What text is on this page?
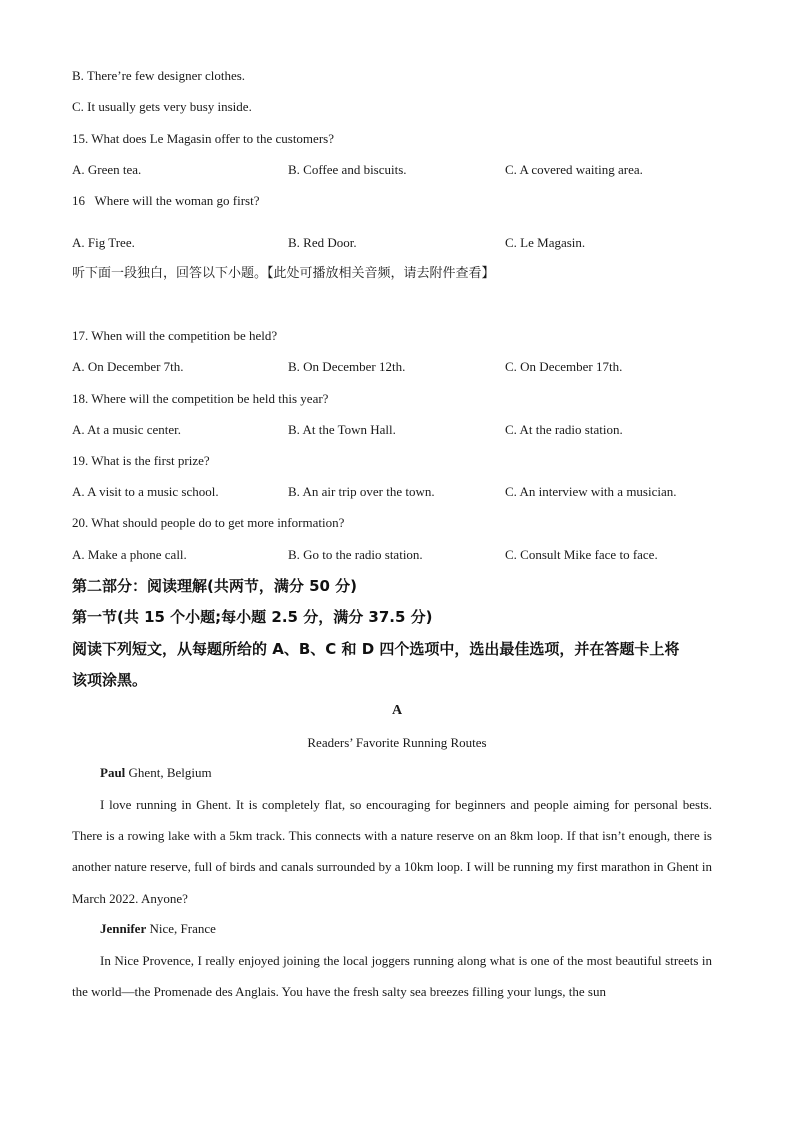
B. There’re few designer clothes.
C. It usually gets very busy inside.
15. What does Le Magasin offer to the customers?
A. Green tea.	B. Coffee and biscuits.	C. A covered waiting area.
16   Where will the woman go first?
A. Fig Tree.	B. Red Door.	C. Le Magasin.
听下面一段独白，回答以下小题。【此处可播放相关音频，请去附件查看】
17. When will the competition be held?
A. On December 7th.	B. On December 12th.	C. On December 17th.
18. Where will the competition be held this year?
A. At a music center.	B. At the Town Hall.	C. At the radio station.
19. What is the first prize?
A. A visit to a music school.	B. An air trip over the town.	C. An interview with a musician.
20. What should people do to get more information?
A. Make a phone call.	B. Go to the radio station.	C. Consult Mike face to face.
第二部分：阅读理解(共两节，满分 50 分)
第一节(共 15 个小题;每小题 2.5 分，满分 37.5 分)
阅读下列短文，从每题所给的 A、B、C 和 D 四个选项中，选出最佳选项，并在答题卡上将
该项涂黑。
A
Readers’ Favorite Running Routes
Paul Ghent, Belgium

I love running in Ghent. It is completely flat, so encouraging for beginners and people aiming for personal bests. There is a rowing lake with a 5km track. This connects with a nature reserve on an 8km loop. If that isn’t enough, there is another nature reserve, full of birds and canals surrounded by a 10km loop. I will be running my first marathon in Ghent in March 2022. Anyone?

Jennifer Nice, France

In Nice Provence, I really enjoyed joining the local joggers running along what is one of the most beautiful streets in the world—the Promenade des Anglais. You have the fresh salty sea breezes filling your lungs, the sun
